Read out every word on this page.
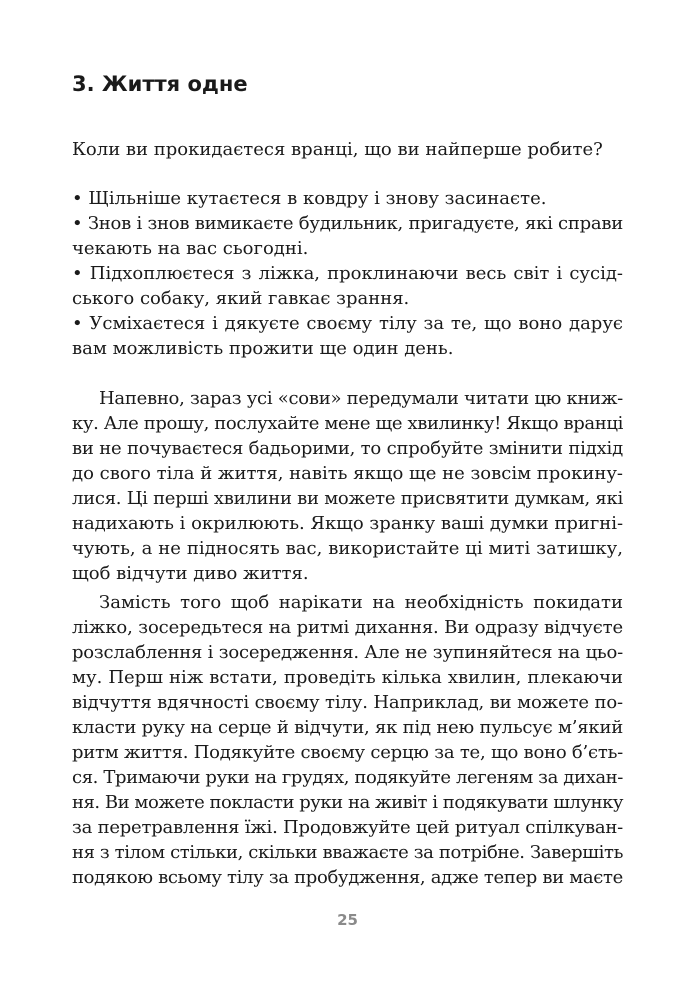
3. Життя одне

Коли ви прокидаєтеся вранці, що ви найперше робите?

• Щільніше кутаєтеся в ковдру і знову засинаєте.
• Знов і знов вимикаєте будильник, пригадуєте, які справи
чекають на вас сьогодні.
• Підхоплюєтеся з ліжка, проклинаючи весь світ і сусід-
ського собаку, який гавкає зрання.
• Усміхаєтеся і дякуєте своєму тілу за те, що воно дарує
вам можливість прожити ще один день.
Напевно, зараз усі «сови» передумали читати цю книж-
ку. Але прошу, послухайте мене ще хвилинку! Якщо вранці
ви не почуваєтеся бадьорими, то спробуйте змінити підхід
до свого тіла й життя, навіть якщо ще не зовсім прокину-
лися. Ці перші хвилини ви можете присвятити думкам, які
надихають і окрилюють. Якщо зранку ваші думки пригні-
чують, а не підносять вас, використайте ці миті затишку,
щоб відчути диво життя.
Замість того щоб нарікати на необхідність покидати
ліжко, зосередьтеся на ритмі дихання. Ви одразу відчуєте
розслаблення і зосередження. Але не зупиняйтеся на цьо-
му. Перш ніж встати, проведіть кілька хвилин, плекаючи
відчуття вдячності своєму тілу. Наприклад, ви можете по-
класти руку на серце й відчути, як під нею пульсує м’який
ритм життя. Подякуйте своєму серцю за те, що воно б’єть-
ся. Тримаючи руки на грудях, подякуйте легеням за дихан-
ня. Ви можете покласти руки на живіт і подякувати шлунку
за перетравлення їжі. Продовжуйте цей ритуал спілкуван-
ня з тілом стільки, скільки вважаєте за потрібне. Завершіть
подякою всьому тілу за пробудження, адже тепер ви маєте
25
